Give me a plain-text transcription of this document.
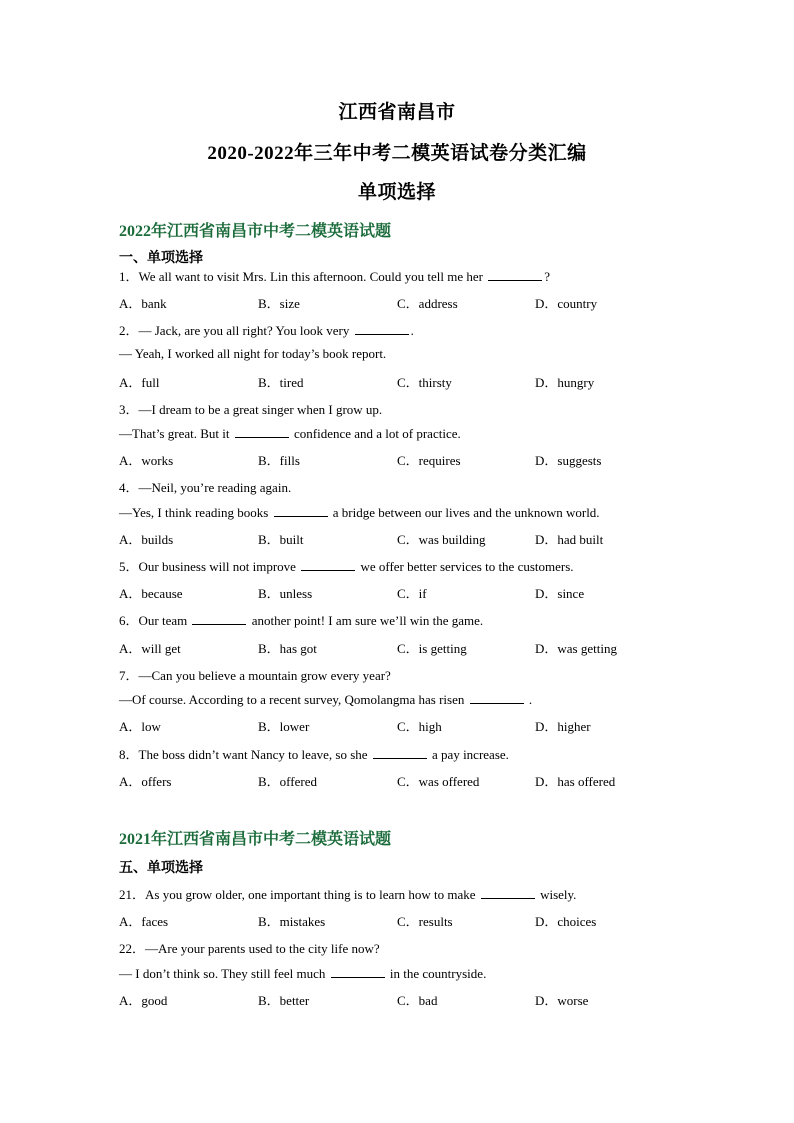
江西省南昌市
2020-2022年三年中考二模英语试卷分类汇编
单项选择
2022年江西省南昌市中考二模英语试题
一、单项选择
1．We all want to visit Mrs. Lin this afternoon. Could you tell me her	?
A．bank	B．size	C．address	D．country
2．— Jack, are you all right? You look very	.
— Yeah, I worked all night for today’s book report.
A．full	B．tired	C．thirsty	D．hungry
3．—I dream to be a great singer when I grow up.
—That’s great. But it	confidence and a lot of practice.
A．works	B．fills	C．requires	D．suggests
4．—Neil, you’re reading again.
—Yes, I think reading books	a bridge between our lives and the unknown world.
A．builds	B．built	C．was building	D．had built
5．Our business will not improve	we offer better services to the customers.
A．because	B．unless	C．if	D．since
6．Our team	another point! I am sure we’ll win the game.
A．will get	B．has got	C．is getting	D．was getting
7．—Can you believe a mountain grow every year?
—Of course. According to a recent survey, Qomolangma has risen	.
A．low	B．lower	C．high	D．higher
8．The boss didn’t want Nancy to leave, so she	a pay increase.
A．offers	B．offered	C．was offered	D．has offered
2021年江西省南昌市中考二模英语试题
五、单项选择
21．As you grow older, one important thing is to learn how to make	wisely.
A．faces	B．mistakes	C．results	D．choices
22．—Are your parents used to the city life now?
— I don’t think so. They still feel much	in the countryside.
A．good	B．better	C．bad	D．worse
